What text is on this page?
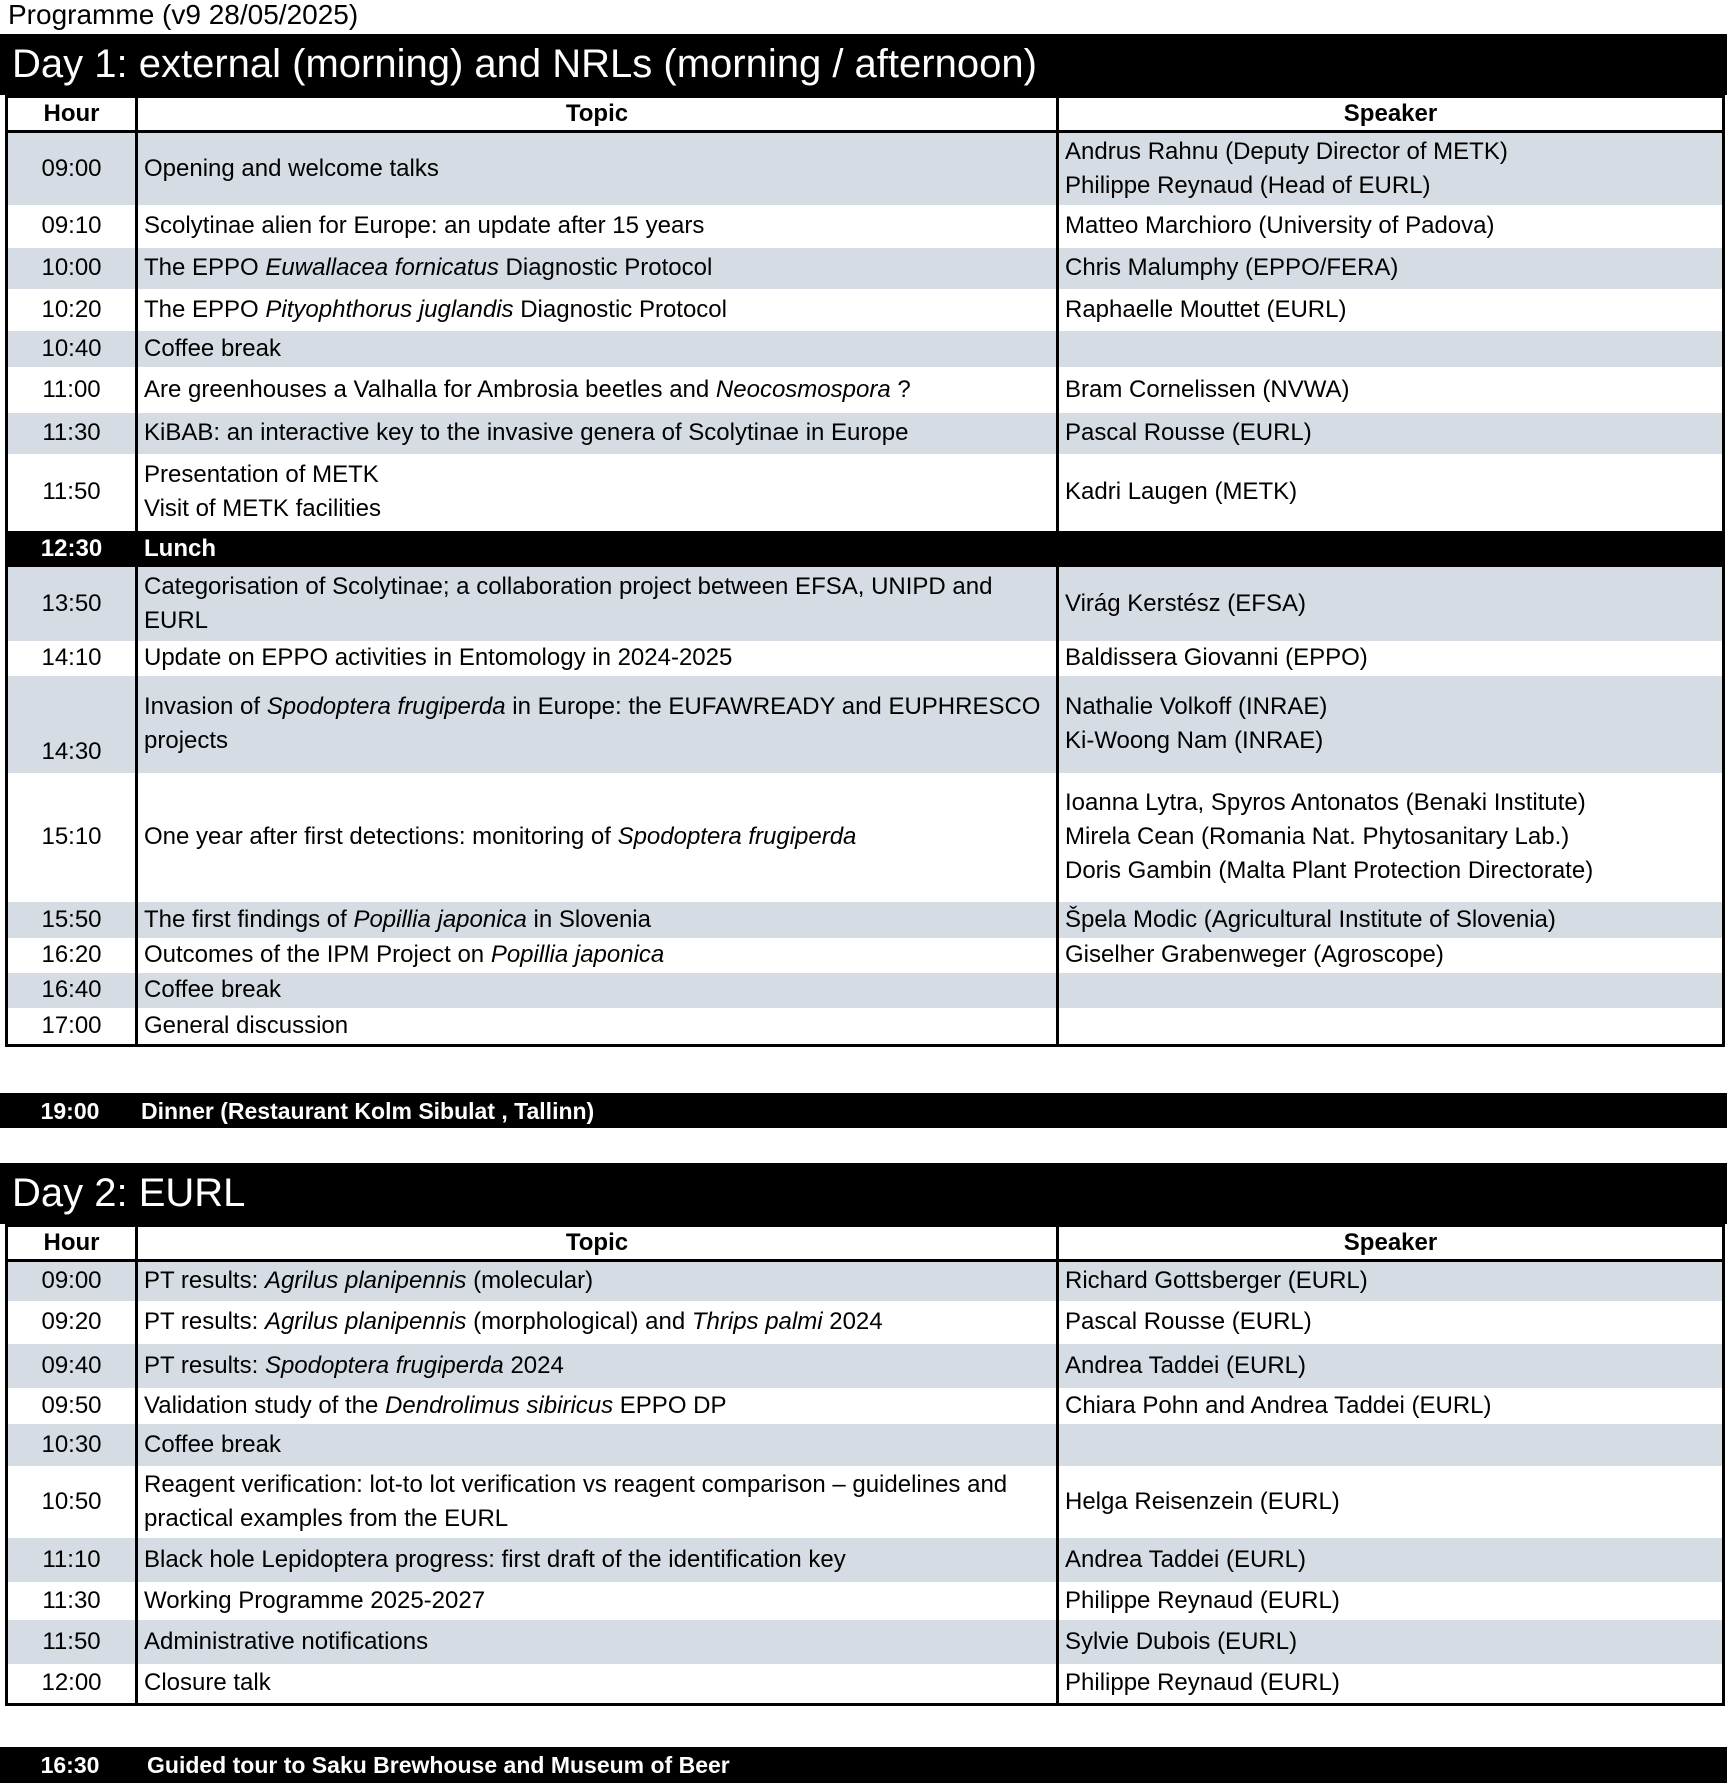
Programme (v9 28/05/2025)
Day 1: external (morning) and NRLs (morning / afternoon)
Hour	Topic	Speaker
09:00	Opening and welcome talks	Andrus Rahnu (Deputy Director of METK)
Philippe Reynaud (Head of EURL)

09:10	Scolytinae alien for Europe: an update after 15 years	Matteo Marchioro (University of Padova)
10:00	The EPPO Euwallacea fornicatus Diagnostic Protocol	Chris Malumphy (EPPO/FERA)
10:20	The EPPO Pityophthorus juglandis Diagnostic Protocol	Raphaelle Mouttet (EURL)
10:40	Coffee break	
11:00	Are greenhouses a Valhalla for Ambrosia beetles and Neocosmospora ?	Bram Cornelissen (NVWA)
11:30	KiBAB: an interactive key to the invasive genera of Scolytinae in Europe	Pascal Rousse (EURL)
11:50	Presentation of METK
Visit of METK facilities	Kadri Laugen (METK)
12:30	Lunch	
13:50	Categorisation of Scolytinae; a collaboration project between EFSA, UNIPD and
EURL	Virág Kerstész (EFSA)
14:10	Update on EPPO activities in Entomology in 2024-2025	Baldissera Giovanni (EPPO)
14:30	Invasion of Spodoptera frugiperda in Europe: the EUFAWREADY and EUPHRESCO
projects	Nathalie Volkoff (INRAE)
Ki-Woong Nam (INRAE)

15:10	One year after first detections: monitoring of Spodoptera frugiperda	Ioanna Lytra, Spyros Antonatos (Benaki Institute)
Mirela Cean (Romania Nat. Phytosanitary Lab.)
Doris Gambin (Malta Plant Protection Directorate)

15:50	The first findings of Popillia japonica in Slovenia	Špela Modic (Agricultural Institute of Slovenia)
16:20	Outcomes of the IPM Project on Popillia japonica	Giselher Grabenweger (Agroscope)
16:40	Coffee break	
17:00	General discussion	
19:00	Dinner (Restaurant Kolm Sibulat , Tallinn)
Day 2: EURL
Hour	Topic	Speaker
09:00	PT results: Agrilus planipennis (molecular)	Richard Gottsberger (EURL)
09:20	PT results: Agrilus planipennis (morphological) and Thrips palmi 2024	Pascal Rousse (EURL)
09:40	PT results: Spodoptera frugiperda 2024	Andrea Taddei (EURL)
09:50	Validation study of the Dendrolimus sibiricus EPPO DP	Chiara Pohn and Andrea Taddei (EURL)
10:30	Coffee break	
10:50	Reagent verification: lot-to lot verification vs reagent comparison – guidelines and
practical examples from the EURL	Helga Reisenzein (EURL)
11:10	Black hole Lepidoptera progress: first draft of the identification key	Andrea Taddei (EURL)
11:30	Working Programme 2025-2027	Philippe Reynaud (EURL)
11:50	Administrative notifications	Sylvie Dubois (EURL)
12:00	Closure talk	Philippe Reynaud (EURL)
16:30	Guided tour to Saku Brewhouse and Museum of Beer
